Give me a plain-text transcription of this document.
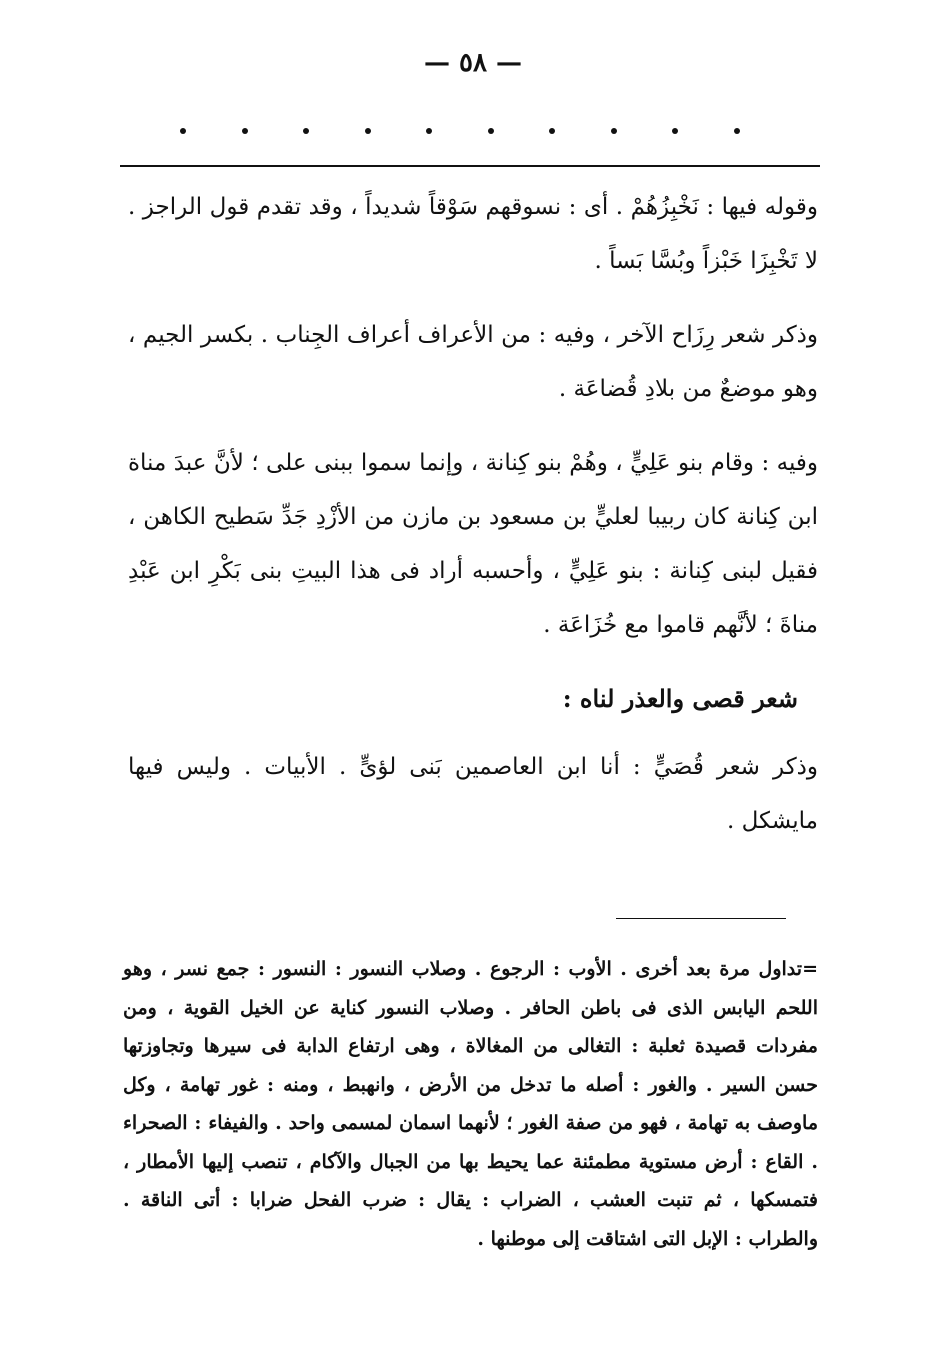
— ٥٨ —

وقوله فيها : نَخْبِزُهُمْ . أى : نسوقهم سَوْقاً شديداً ، وقد تقدم قول الراجز . لا تَخْبِزَا خَبْزاً وبُسَّا بَساً .

وذكر شعر رِزَاح الآخر ، وفيه : من الأعراف أعراف الجِناب . بكسر الجيم ، وهو موضعٌ من بلادِ قُضاعَة .

وفيه : وقام بنو عَلِيٍّ ، وهُمْ بنو كِنانة ، وإنما سموا ببنى على ؛ لأنَّ عبدَ مناة ابن كِنانة كان ربيبا لعليٍّ بن مسعود بن مازن من الأزْدِ جَدِّ سَطيح الكاهن ، فقيل لبنى كِنانة : بنو عَلِيٍّ ، وأحسبه أراد فى هذا البيتِ بنى بَكْرِ ابن عَبْدِ مناةَ ؛ لأنَّهم قاموا مع خُزَاعَة .

شعر قصى والعذر لناه :

وذكر شعر قُصَيٍّ : أنا ابن العاصمين بَنى لؤىٍّ . الأبيات . وليس فيها مايشكل .

=تداول مرة بعد أخرى . الأوب : الرجوع . وصلاب النسور : النسور : جمع نسر ، وهو اللحم اليابس الذى فى باطن الحافر . وصلاب النسور كناية عن الخيل القوية ، ومن مفردات قصيدة ثعلبة : التغالى من المغالاة ، وهى ارتفاع الدابة فى سيرها وتجاوزتها حسن السير . والغور : أصله ما تدخل من الأرض ، وانهبط ، ومنه : غور تهامة ، وكل ماوصف به تهامة ، فهو من صفة الغور ؛ لأنهما اسمان لمسمى واحد . والفيفاء : الصحراء . القاع : أرض مستوية مطمئنة عما يحيط بها من الجبال والآكام ، تنصب إليها الأمطار ، فتمسكها ، ثم تنبت العشب ، الضراب : يقال : ضرب الفحل ضرابا : أتى الناقة . والطراب : الإبل التى اشتاقت إلى موطنها .
